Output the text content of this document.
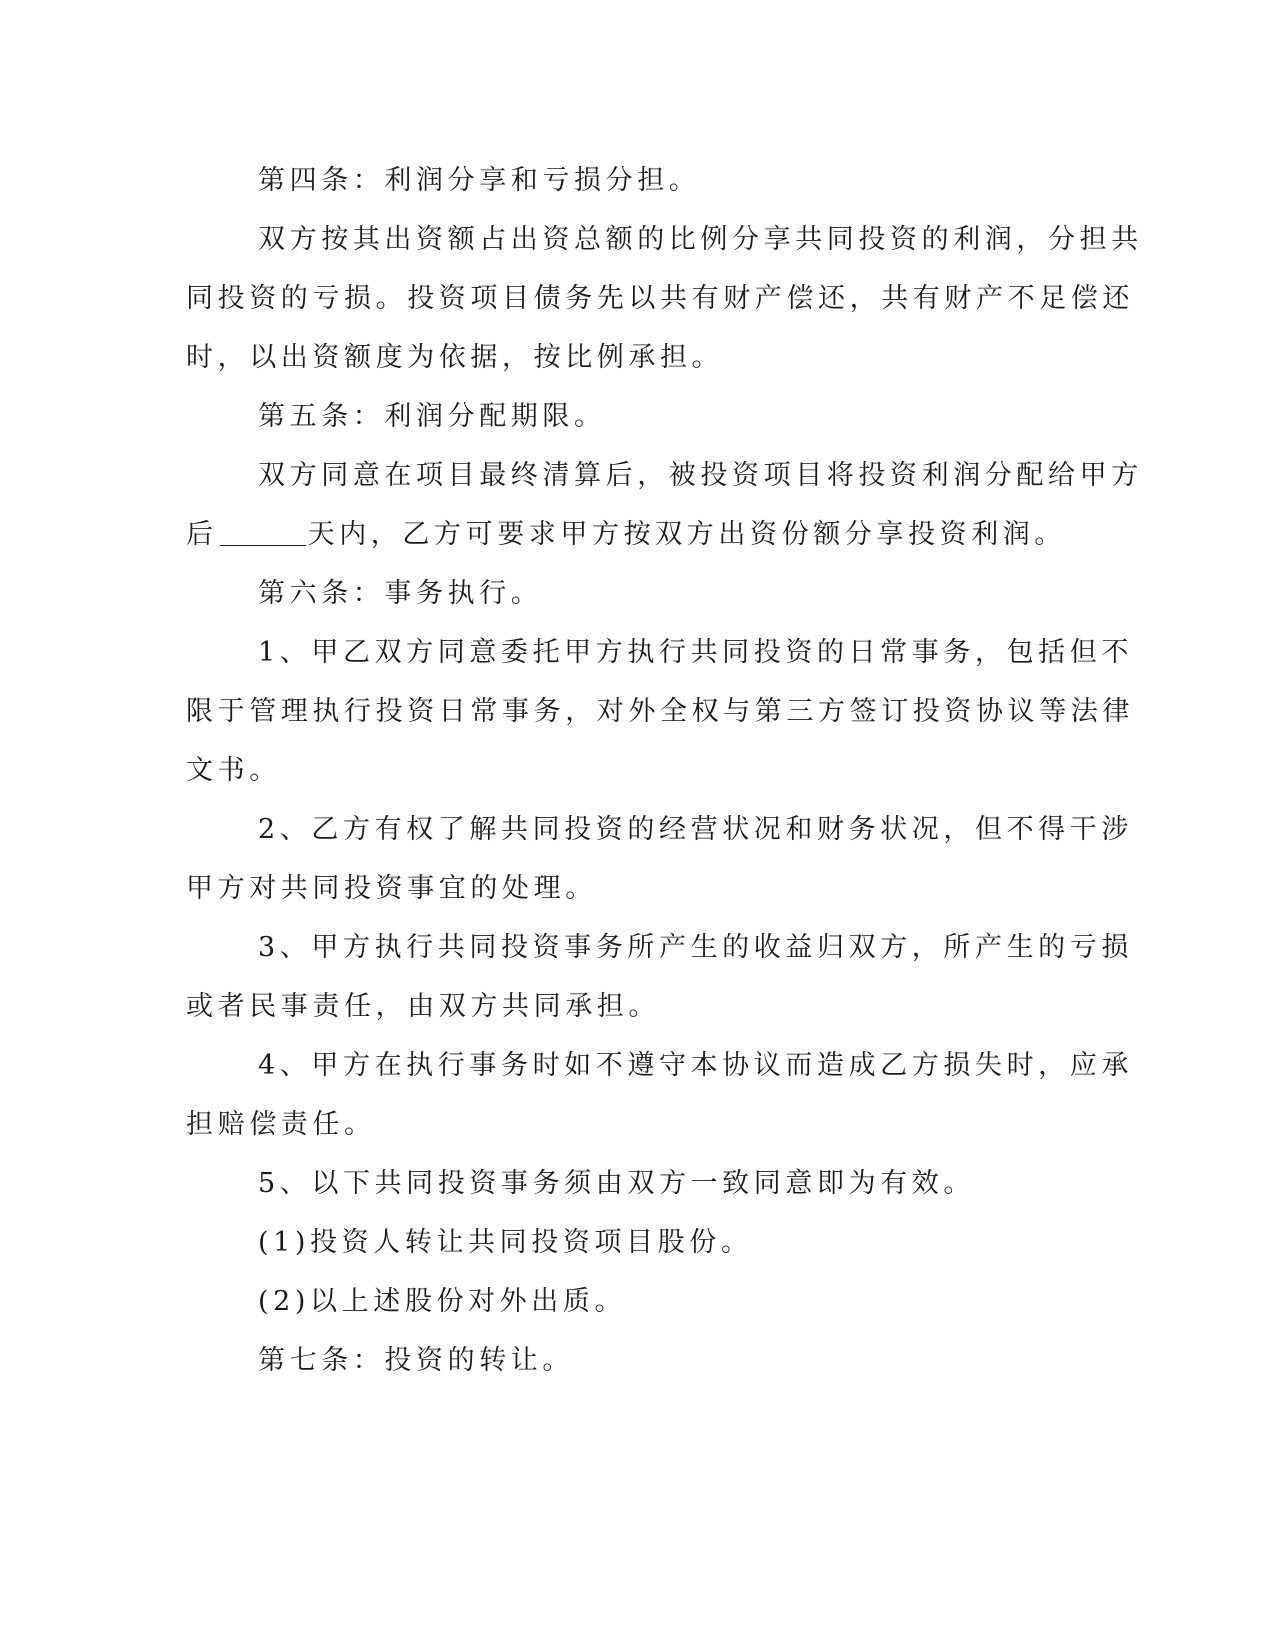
第四条：利润分享和亏损分担。
双方按其出资额占出资总额的比例分享共同投资的利润，分担共
同投资的亏损。投资项目债务先以共有财产偿还，共有财产不足偿还
时，以出资额度为依据，按比例承担。
第五条：利润分配期限。
双方同意在项目最终清算后，被投资项目将投资利润分配给甲方
后	天内，乙方可要求甲方按双方出资份额分享投资利润。
第六条：事务执行。
1、甲乙双方同意委托甲方执行共同投资的日常事务，包括但不
限于管理执行投资日常事务，对外全权与第三方签订投资协议等法律
文书。
2、乙方有权了解共同投资的经营状况和财务状况，但不得干涉
甲方对共同投资事宜的处理。
3、甲方执行共同投资事务所产生的收益归双方，所产生的亏损
或者民事责任，由双方共同承担。
4、甲方在执行事务时如不遵守本协议而造成乙方损失时，应承
担赔偿责任。
5、以下共同投资事务须由双方一致同意即为有效。
(1)投资人转让共同投资项目股份。
(2)以上述股份对外出质。
第七条：投资的转让。
